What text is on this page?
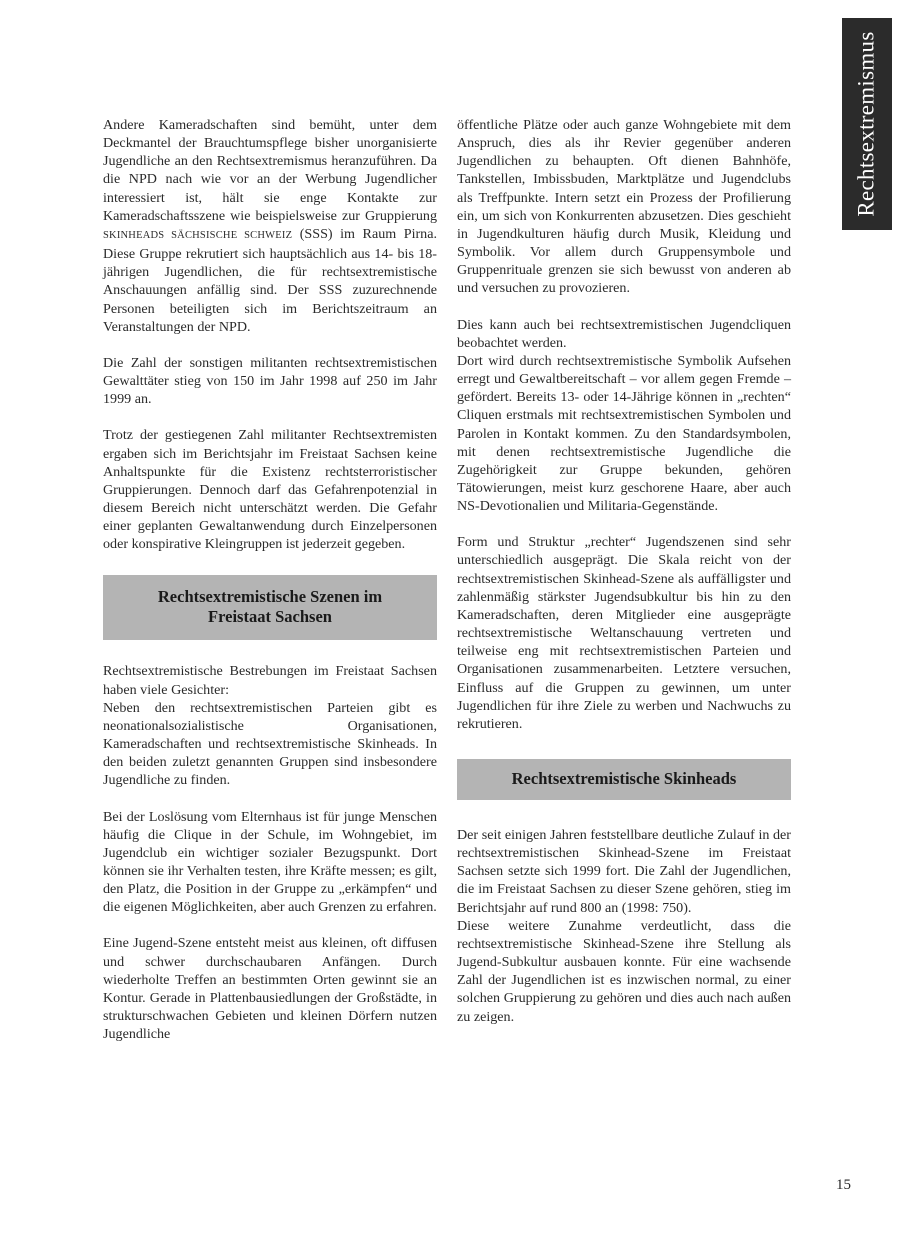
Rechtsextremismus

Andere Kameradschaften sind bemüht, unter dem Deckmantel der Brauchtumspflege bisher unorganisierte Jugendliche an den Rechtsextremismus heranzuführen. Da die NPD nach wie vor an der Werbung Jugendlicher interessiert ist, hält sie enge Kontakte zur Kameradschaftsszene wie beispielsweise zur Gruppierung SKINHEADS SÄCHSISCHE SCHWEIZ (SSS) im Raum Pirna. Diese Gruppe rekrutiert sich hauptsächlich aus 14- bis 18-jährigen Jugendlichen, die für rechtsextremistische Anschauungen anfällig sind. Der SSS zuzurechnende Personen beteiligten sich im Berichtszeitraum an Veranstaltungen der NPD.

Die Zahl der sonstigen militanten rechtsextremistischen Gewalttäter stieg von 150 im Jahr 1998 auf 250 im Jahr 1999 an.

Trotz der gestiegenen Zahl militanter Rechtsextremisten ergaben sich im Berichtsjahr im Freistaat Sachsen keine Anhaltspunkte für die Existenz rechtsterroristischer Gruppierungen. Dennoch darf das Gefahrenpotenzial in diesem Bereich nicht unterschätzt werden. Die Gefahr einer geplanten Gewaltanwendung durch Einzelpersonen oder konspirative Kleingruppen ist jederzeit gegeben.

Rechtsextremistische Szenen im
Freistaat Sachsen

Rechtsextremistische Bestrebungen im Freistaat Sachsen haben viele Gesichter:

Neben den rechtsextremistischen Parteien gibt es neonationalsozialistische Organisationen, Kameradschaften und rechtsextremistische Skinheads. In den beiden zuletzt genannten Gruppen sind insbesondere Jugendliche zu finden.

Bei der Loslösung vom Elternhaus ist für junge Menschen häufig die Clique in der Schule, im Wohngebiet, im Jugendclub ein wichtiger sozialer Bezugspunkt. Dort können sie ihr Verhalten testen, ihre Kräfte messen; es gilt, den Platz, die Position in der Gruppe zu „erkämpfen“ und die eigenen Möglichkeiten, aber auch Grenzen zu erfahren.

Eine Jugend-Szene entsteht meist aus kleinen, oft diffusen und schwer durchschaubaren Anfängen. Durch wiederholte Treffen an bestimmten Orten gewinnt sie an Kontur. Gerade in Plattenbausiedlungen der Großstädte, in strukturschwachen Gebieten und kleinen Dörfern nutzen Jugendliche

öffentliche Plätze oder auch ganze Wohngebiete mit dem Anspruch, dies als ihr Revier gegenüber anderen Jugendlichen zu behaupten. Oft dienen Bahnhöfe, Tankstellen, Imbissbuden, Marktplätze und Jugendclubs als Treffpunkte. Intern setzt ein Prozess der Profilierung ein, um sich von Konkurrenten abzusetzen. Dies geschieht in Jugendkulturen häufig durch Musik, Kleidung und Symbolik. Vor allem durch Gruppensymbole und Gruppenrituale grenzen sie sich bewusst von anderen ab und versuchen zu provozieren.

Dies kann auch bei rechtsextremistischen Jugendcliquen beobachtet werden.

Dort wird durch rechtsextremistische Symbolik Aufsehen erregt und Gewaltbereitschaft – vor allem gegen Fremde – gefördert. Bereits 13- oder 14-Jährige können in „rechten“ Cliquen erstmals mit rechtsextremistischen Symbolen und Parolen in Kontakt kommen. Zu den Standardsymbolen, mit denen rechtsextremistische Jugendliche die Zugehörigkeit zur Gruppe bekunden, gehören Tätowierungen, meist kurz geschorene Haare, aber auch NS-Devotionalien und Militaria-Gegenstände.

Form und Struktur „rechter“ Jugendszenen sind sehr unterschiedlich ausgeprägt. Die Skala reicht von der rechtsextremistischen Skinhead-Szene als auffälligster und zahlenmäßig stärkster Jugendsubkultur bis hin zu den Kameradschaften, deren Mitglieder eine ausgeprägte rechtsextremistische Weltanschauung vertreten und teilweise eng mit rechtsextremistischen Parteien und Organisationen zusammenarbeiten. Letztere versuchen, Einfluss auf die Gruppen zu gewinnen, um unter Jugendlichen für ihre Ziele zu werben und Nachwuchs zu rekrutieren.

Rechtsextremistische Skinheads

Der seit einigen Jahren feststellbare deutliche Zulauf in der rechtsextremistischen Skinhead-Szene im Freistaat Sachsen setzte sich 1999 fort. Die Zahl der Jugendlichen, die im Freistaat Sachsen zu dieser Szene gehören, stieg im Berichtsjahr auf rund 800 an (1998: 750).

Diese weitere Zunahme verdeutlicht, dass die rechtsextremistische Skinhead-Szene ihre Stellung als Jugend-Subkultur ausbauen konnte. Für eine wachsende Zahl der Jugendlichen ist es inzwischen normal, zu einer solchen Gruppierung zu gehören und dies auch nach außen zu zeigen.

15
